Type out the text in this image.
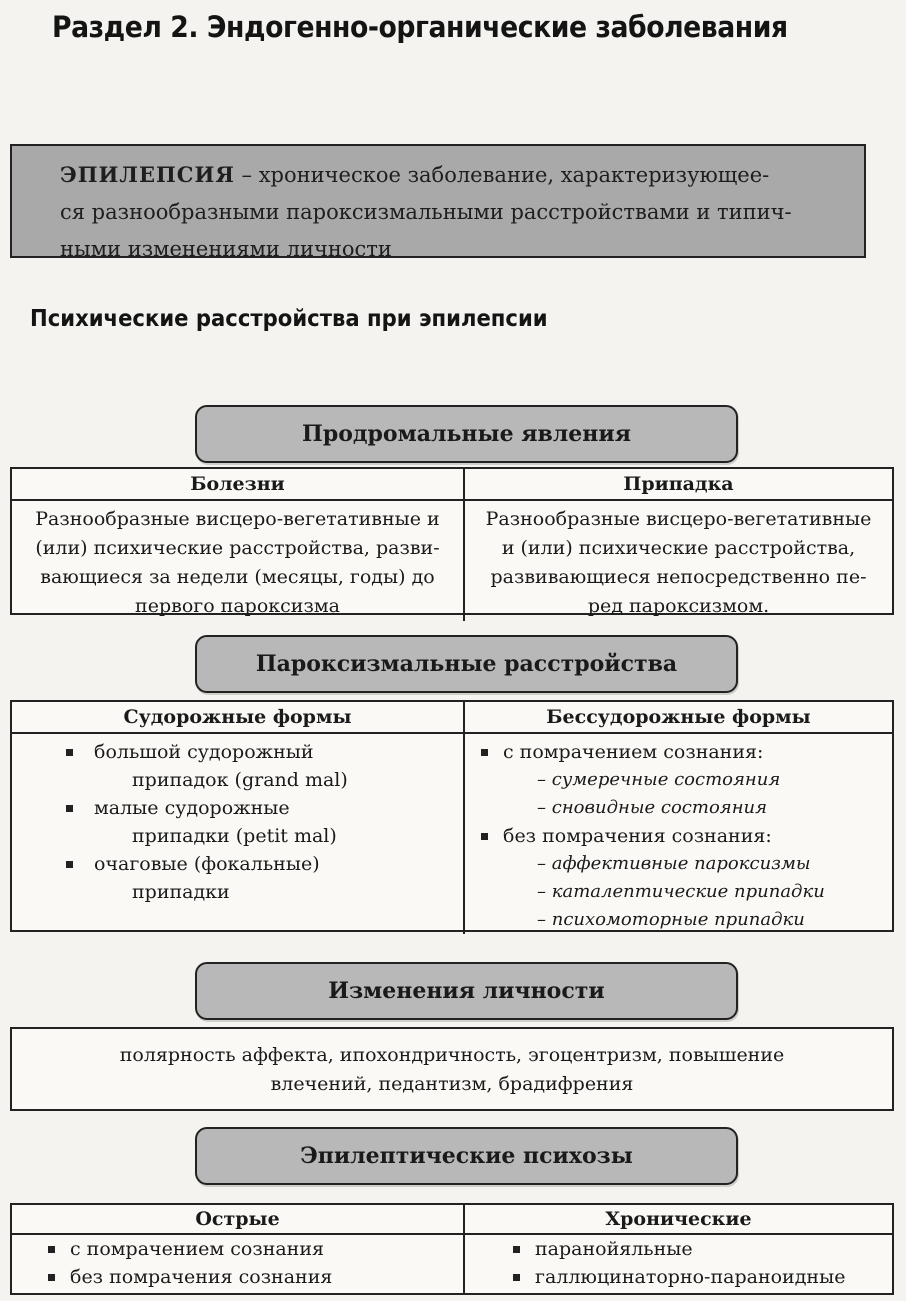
Раздел 2. Эндогенно-органические заболевания
ЭПИЛЕПСИЯ – хроническое заболевание, характеризующее-
ся разнообразными пароксизмальными расстройствами и типич-
ными изменениями личности
Психические расстройства при эпилепсии
Продромальные явления
Болезни
Разнообразные висцеро-вегетативные и
(или) психические расстройства, разви-
вающиеся за недели (месяцы, годы) до
первого пароксизма
Припадка
Разнообразные висцеро-вегетативные
и (или) психические расстройства,
развивающиеся непосредственно пе-
ред пароксизмом.
Пароксизмальные расстройства
Судорожные формы
большой судорожный
припадок (grand mal)
малые судорожные
припадки (petit mal)
очаговые (фокальные)
припадки
Бессудорожные формы
с помрачением сознания:
– сумеречные состояния
– сновидные состояния
без помрачения сознания:
– аффективные пароксизмы
– каталептические припадки
– психомоторные припадки
Изменения личности
полярность аффекта, ипохондричность, эгоцентризм, повышение
влечений, педантизм, брадифрения
Эпилептические психозы
Острые
с помрачением сознания
без помрачения сознания
Хронические
паранойяльные
галлюцинаторно-параноидные
